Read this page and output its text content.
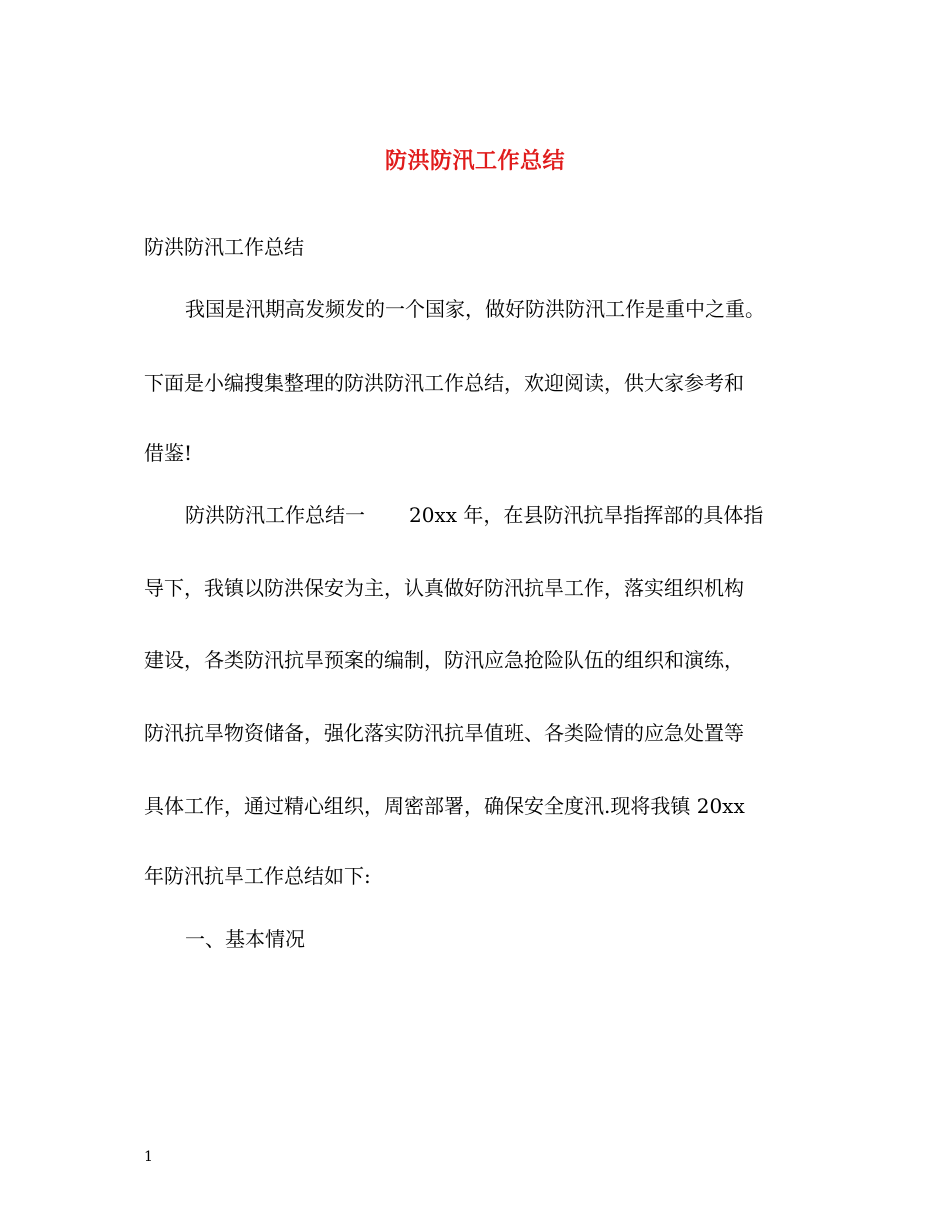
防洪防汛工作总结
防洪防汛工作总结
我国是汛期高发频发的一个国家，做好防洪防汛工作是重中之重。
下面是小编搜集整理的防洪防汛工作总结，欢迎阅读，供大家参考和
借鉴!
防洪防汛工作总结一 20xx 年，在县防汛抗旱指挥部的具体指
导下，我镇以防洪保安为主，认真做好防汛抗旱工作，落实组织机构
建设，各类防汛抗旱预案的编制，防汛应急抢险队伍的组织和演练，
防汛抗旱物资储备，强化落实防汛抗旱值班、各类险情的应急处置等
具体工作，通过精心组织，周密部署，确保安全度汛.现将我镇 20xx
年防汛抗旱工作总结如下:
一、基本情况
1
